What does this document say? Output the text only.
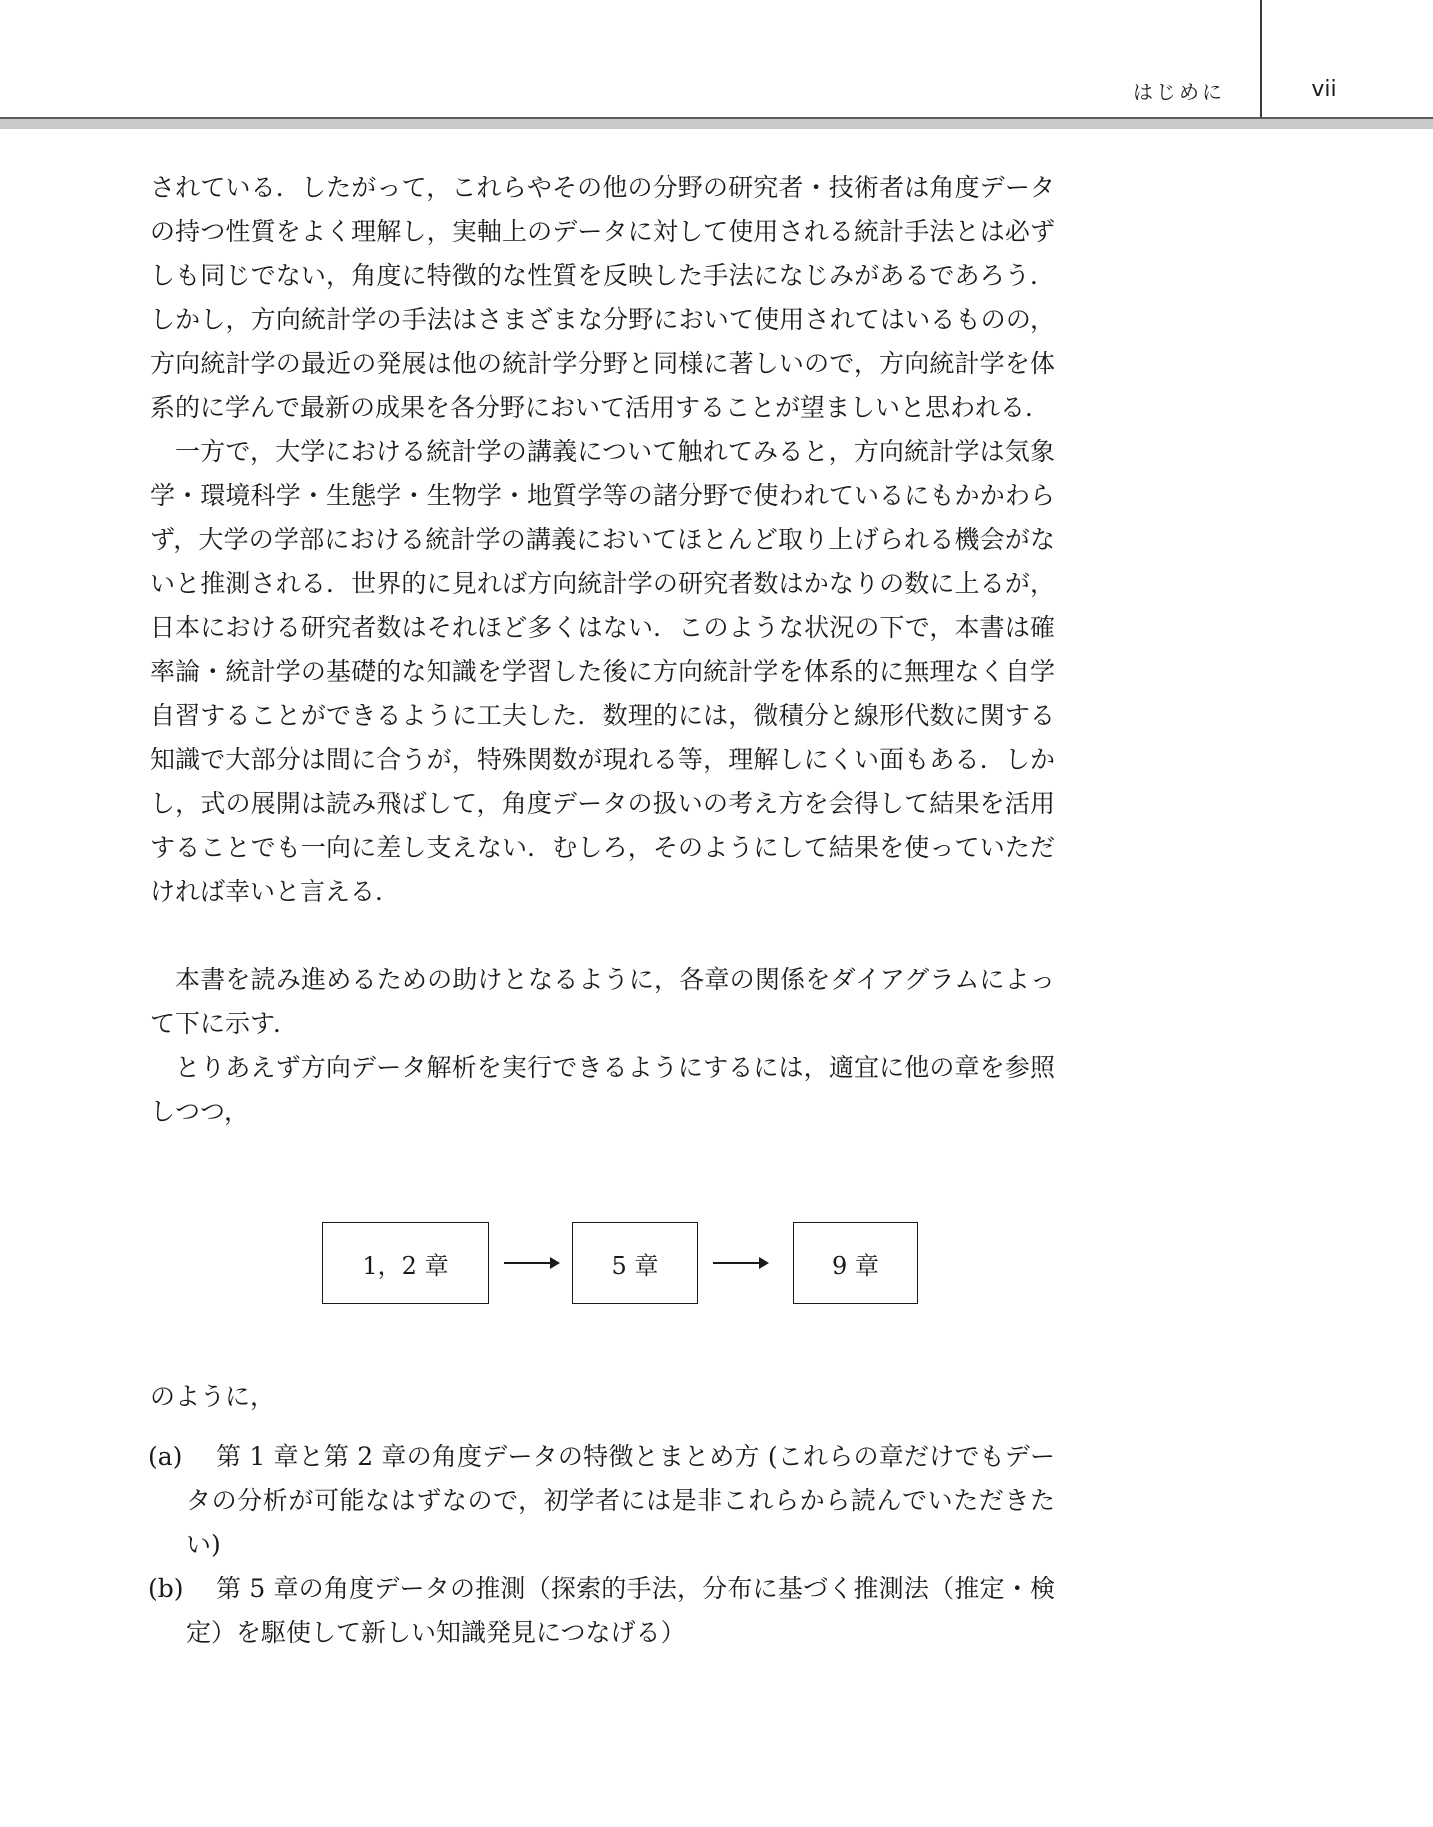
はじめに	vii

されている．したがって，これらやその他の分野の研究者・技術者は角度データの持つ性質をよく理解し，実軸上のデータに対して使用される統計手法とは必ずしも同じでない，角度に特徴的な性質を反映した手法になじみがあるであろう．しかし，方向統計学の手法はさまざまな分野において使用されてはいるものの，方向統計学の最近の発展は他の統計学分野と同様に著しいので，方向統計学を体系的に学んで最新の成果を各分野において活用することが望ましいと思われる．

一方で，大学における統計学の講義について触れてみると，方向統計学は気象学・環境科学・生態学・生物学・地質学等の諸分野で使われているにもかかわらず，大学の学部における統計学の講義においてほとんど取り上げられる機会がないと推測される．世界的に見れば方向統計学の研究者数はかなりの数に上るが，日本における研究者数はそれほど多くはない．このような状況の下で，本書は確率論・統計学の基礎的な知識を学習した後に方向統計学を体系的に無理なく自学自習することができるように工夫した．数理的には，微積分と線形代数に関する知識で大部分は間に合うが，特殊関数が現れる等，理解しにくい面もある．しかし，式の展開は読み飛ばして，角度データの扱いの考え方を会得して結果を活用することでも一向に差し支えない．むしろ，そのようにして結果を使っていただければ幸いと言える．

本書を読み進めるための助けとなるように，各章の関係をダイアグラムによって下に示す．

とりあえず方向データ解析を実行できるようにするには，適宜に他の章を参照しつつ，

1，2 章	5 章	9 章

のように，

(a)	第 1 章と第 2 章の角度データの特徴とまとめ方 (これらの章だけでもデータの分析が可能なはずなので，初学者には是非これらから読んでいただきたい)
(b)	第 5 章の角度データの推測（探索的手法，分布に基づく推測法（推定・検定）を駆使して新しい知識発見につなげる）
